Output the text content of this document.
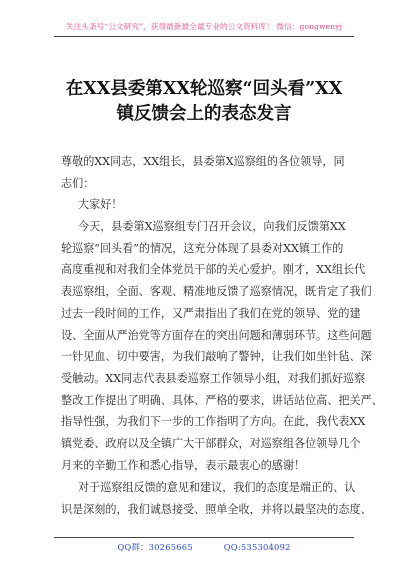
关注头条号“公文研究”，获得最新最全最专业的公文资料库！ 微信：gongwenyj
在XX县委第XX轮巡察“回头看”XX
镇反馈会上的表态发言
尊敬的XX同志，XX组长，县委第X巡察组的各位领导，同
志们：
大家好！
今天，县委第X巡察组专门召开会议，向我们反馈第XX
轮巡察“回头看”的情况，这充分体现了县委对XX镇工作的
高度重视和对我们全体党员干部的关心爱护。刚才，XX组长代
表巡察组，全面、客观、精准地反馈了巡察情况，既肯定了我们
过去一段时间的工作，又严肃指出了我们在党的领导、党的建
设、全面从严治党等方面存在的突出问题和薄弱环节。这些问题
一针见血、切中要害，为我们敲响了警钟，让我们如坐针毡、深
受触动。XX同志代表县委巡察工作领导小组，对我们抓好巡察
整改工作提出了明确、具体、严格的要求，讲话站位高、把关严、
指导性强，为我们下一步的工作指明了方向。在此，我代表XX
镇党委、政府以及全镇广大干部群众，对巡察组各位领导几个
月来的辛勤工作和悉心指导，表示最衷心的感谢！
对于巡察组反馈的意见和建议，我们的态度是端正的、认
识是深刻的，我们诚恳接受、照单全收，并将以最坚决的态度、
QQ群：30265665	QQ:535304092
